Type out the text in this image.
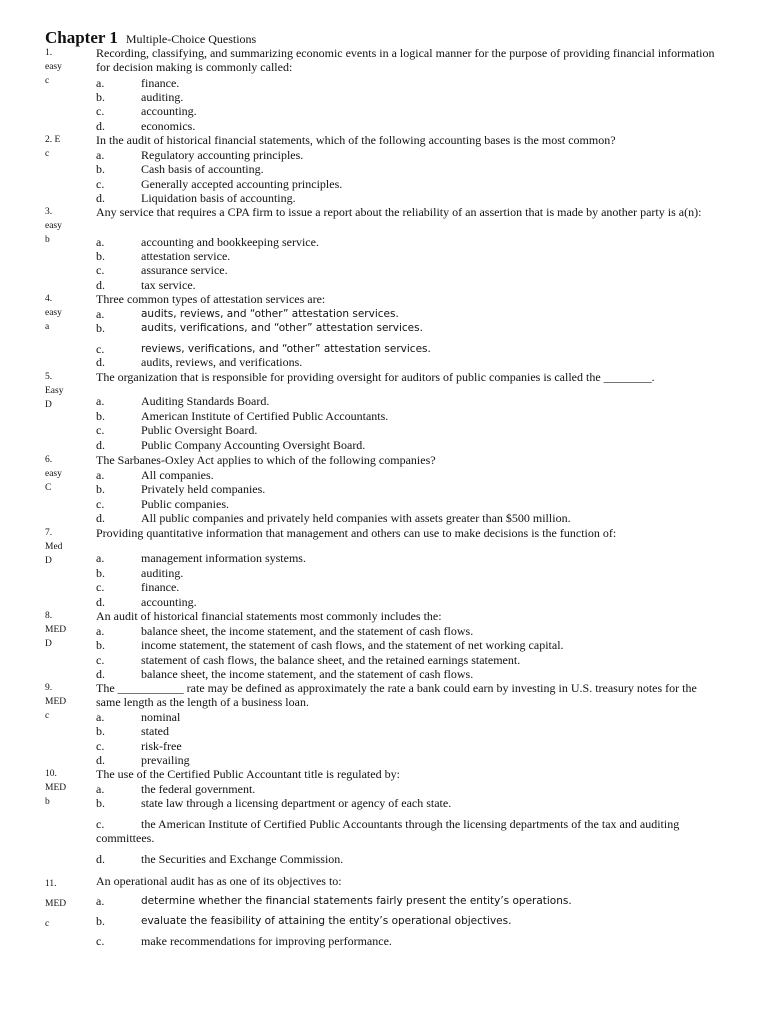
Chapter 1 Multiple-Choice Questions
1.
easy
c
Recording, classifying, and summarizing economic events in a logical manner for the purpose of providing financial information for decision making is commonly called:
a.	finance.
b.	auditing.
c.	accounting.
d.	economics.
2. E
c
In the audit of historical financial statements, which of the following accounting bases is the most common?
a.	Regulatory accounting principles.
b.	Cash basis of accounting.
c.	Generally accepted accounting principles.
d.	Liquidation basis of accounting.
3.
easy
b
Any service that requires a CPA firm to issue a report about the reliability of an assertion that is made by another party is a(n):
a.	accounting and bookkeeping service.
b.	attestation service.
c.	assurance service.
d.	tax service.
4.
easy
a
Three common types of attestation services are:
a.	audits, reviews, and “other” attestation services.
b.	audits, verifications, and “other” attestation services.
c.	reviews, verifications, and “other” attestation services.
d.	audits, reviews, and verifications.
5.
Easy
D
The organization that is responsible for providing oversight for auditors of public companies is called the ________.
a.	Auditing Standards Board.
b.	American Institute of Certified Public Accountants.
c.	Public Oversight Board.
d.	Public Company Accounting Oversight Board.
6.
easy
C
The Sarbanes-Oxley Act applies to which of the following companies?
a.	All companies.
b.	Privately held companies.
c.	Public companies.
d.	All public companies and privately held companies with assets greater than $500 million.
7.
Med
D
Providing quantitative information that management and others can use to make decisions is the function of:
a.	management information systems.
b.	auditing.
c.	finance.
d.	accounting.
8.
MED
D
An audit of historical financial statements most commonly includes the:
a.	balance sheet, the income statement, and the statement of cash flows.
b.	income statement, the statement of cash flows, and the statement of net working capital.
c.	statement of cash flows, the balance sheet, and the retained earnings statement.
d.	balance sheet, the income statement, and the statement of cash flows.
9.
MED
c
The ___________ rate may be defined as approximately the rate a bank could earn by investing in U.S. treasury notes for the same length as the length of a business loan.
a.	nominal
b.	stated
c.	risk-free
d.	prevailing
10.
MED
b
The use of the Certified Public Accountant title is regulated by:
a.	the federal government.
b.	state law through a licensing department or agency of each state.
c.	the American Institute of Certified Public Accountants through the licensing departments of the tax and auditing committees.
d.	the Securities and Exchange Commission.
11.
MED
c
An operational audit has as one of its objectives to:
a.	determine whether the financial statements fairly present the entity’s operations.
b.	evaluate the feasibility of attaining the entity’s operational objectives.
c.	make recommendations for improving performance.
